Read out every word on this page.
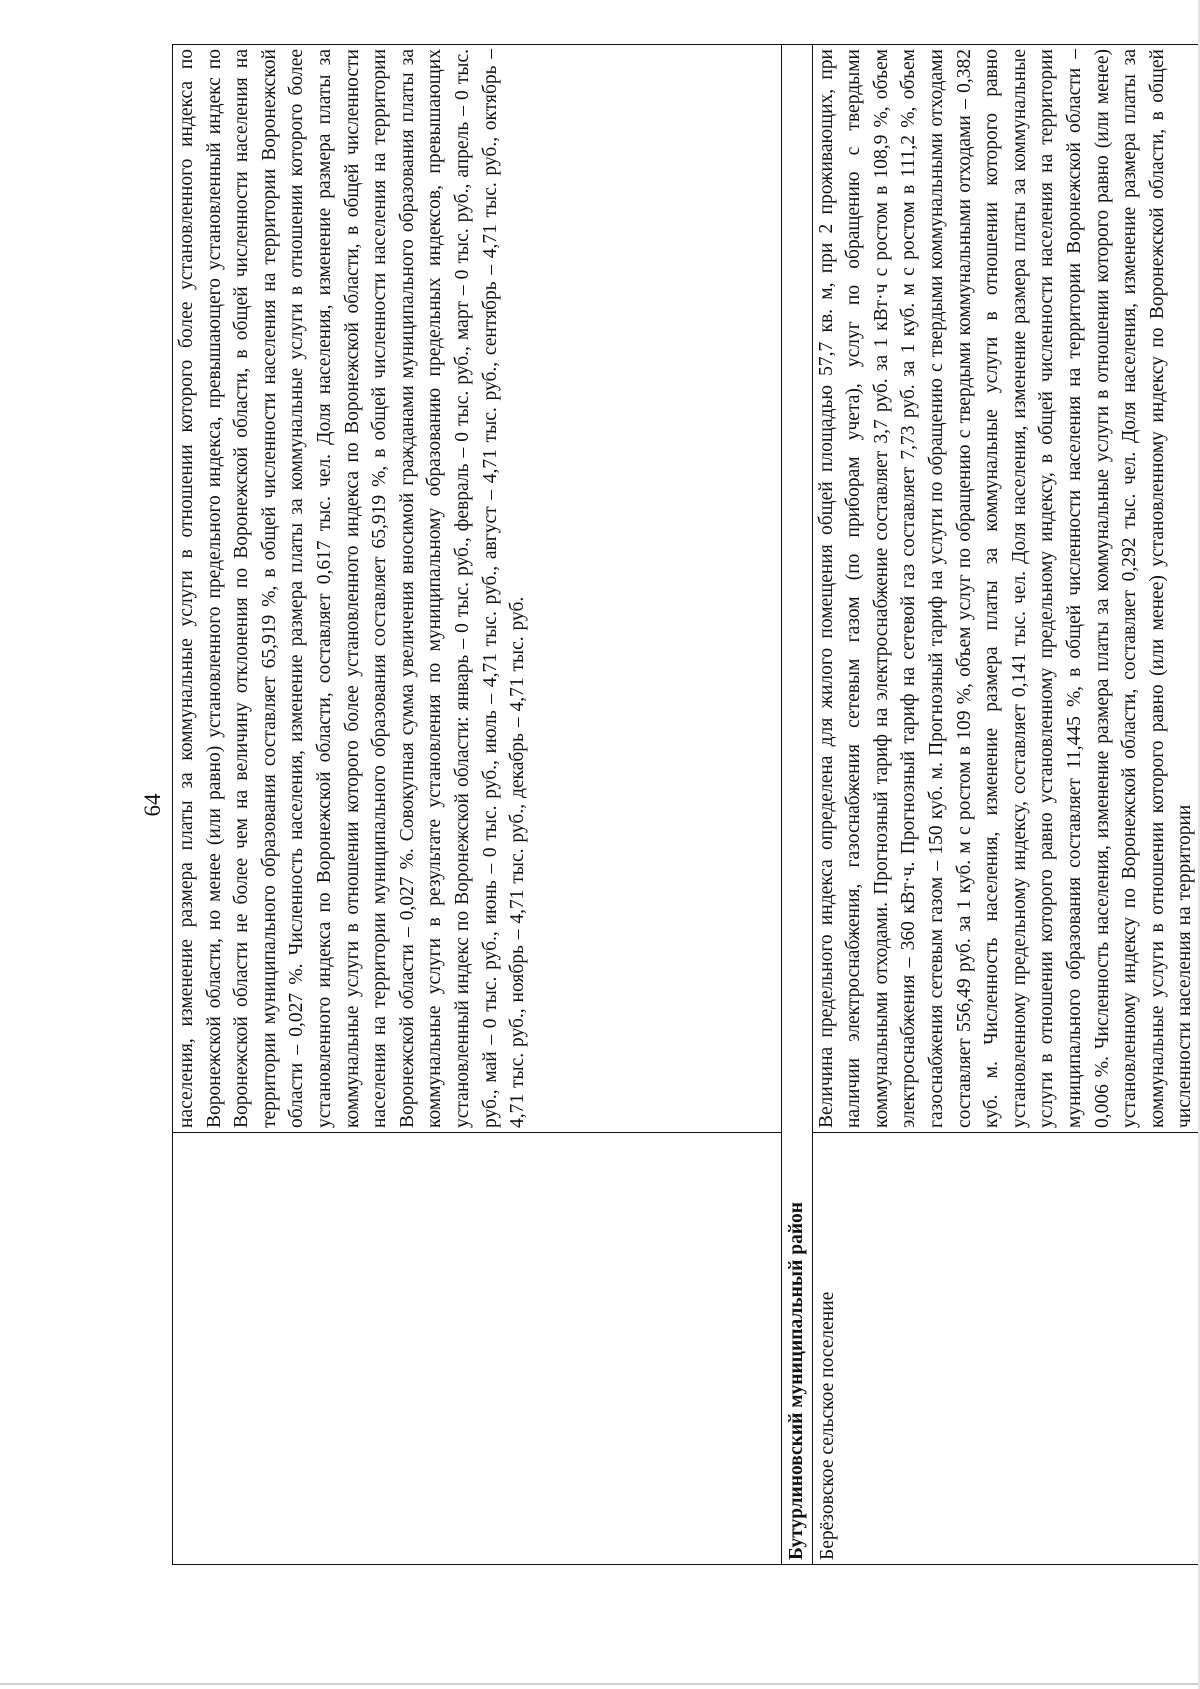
64

	населения, изменение размера платы за коммунальные услуги в отношении которого более установленного индекса по Воронежской области, но менее (или равно) установленного предельного индекса, превышающего установленный индекс по Воронежской области не более чем на величину отклонения по Воронежской области, в общей численности населения на территории муниципального образования составляет 65,919 %, в общей численности населения на территории Воронежской области – 0,027 %. Численность населения, изменение размера платы за коммунальные услуги в отношении которого более установленного индекса по Воронежской области, составляет 0,617 тыс. чел. Доля населения, изменение размера платы за коммунальные услуги в отношении которого более установленного индекса по Воронежской области, в общей численности населения на территории муниципального образования составляет 65,919 %, в общей численности населения на территории Воронежской области – 0,027 %. Совокупная сумма увеличения вносимой гражданами муниципального образования платы за коммунальные услуги в результате установления по муниципальному образованию предельных индексов, превышающих установленный индекс по Воронежской области: январь – 0 тыс. руб., февраль – 0 тыс. руб., март – 0 тыс. руб., апрель – 0 тыс. руб., май – 0 тыс. руб., июнь – 0 тыс. руб., июль – 4,71 тыс. руб., август – 4,71 тыс. руб., сентябрь – 4,71 тыс. руб., октябрь – 4,71 тыс. руб., ноябрь – 4,71 тыс. руб., декабрь – 4,71 тыс. руб.

Бутурлиновский муниципальный район	

Берёзовское сельское поселение	Величина предельного индекса определена для жилого помещения общей площадью 57,7 кв. м, при 2 проживающих, при наличии электроснабжения, газоснабжения сетевым газом (по приборам учета), услуг по обращению с твердыми коммунальными отходами. Прогнозный тариф на электроснабжение составляет 3,7 руб. за 1 кВт·ч с ростом в 108,9 %, объем электроснабжения – 360 кВт·ч. Прогнозный тариф на сетевой газ составляет 7,73 руб. за 1 куб. м с ростом в 111,2 %, объем газоснабжения сетевым газом – 150 куб. м. Прогнозный тариф на услуги по обращению с твердыми коммунальными отходами составляет 556,49 руб. за 1 куб. м с ростом в 109 %, объем услуг по обращению с твердыми коммунальными отходами – 0,382 куб. м. Численность населения, изменение размера платы за коммунальные услуги в отношении которого равно установленному предельному индексу, составляет 0,141 тыс. чел. Доля населения, изменение размера платы за коммунальные услуги в отношении которого равно установленному предельному индексу, в общей численности населения на территории муниципального образования составляет 11,445 %, в общей численности населения на территории Воронежской области – 0,006 %. Численность населения, изменение размера платы за коммунальные услуги в отношении которого равно (или менее) установленному индексу по Воронежской области, составляет 0,292 тыс. чел. Доля населения, изменение размера платы за коммунальные услуги в отношении которого равно (или менее) установленному индексу по Воронежской области, в общей численности населения на территории
